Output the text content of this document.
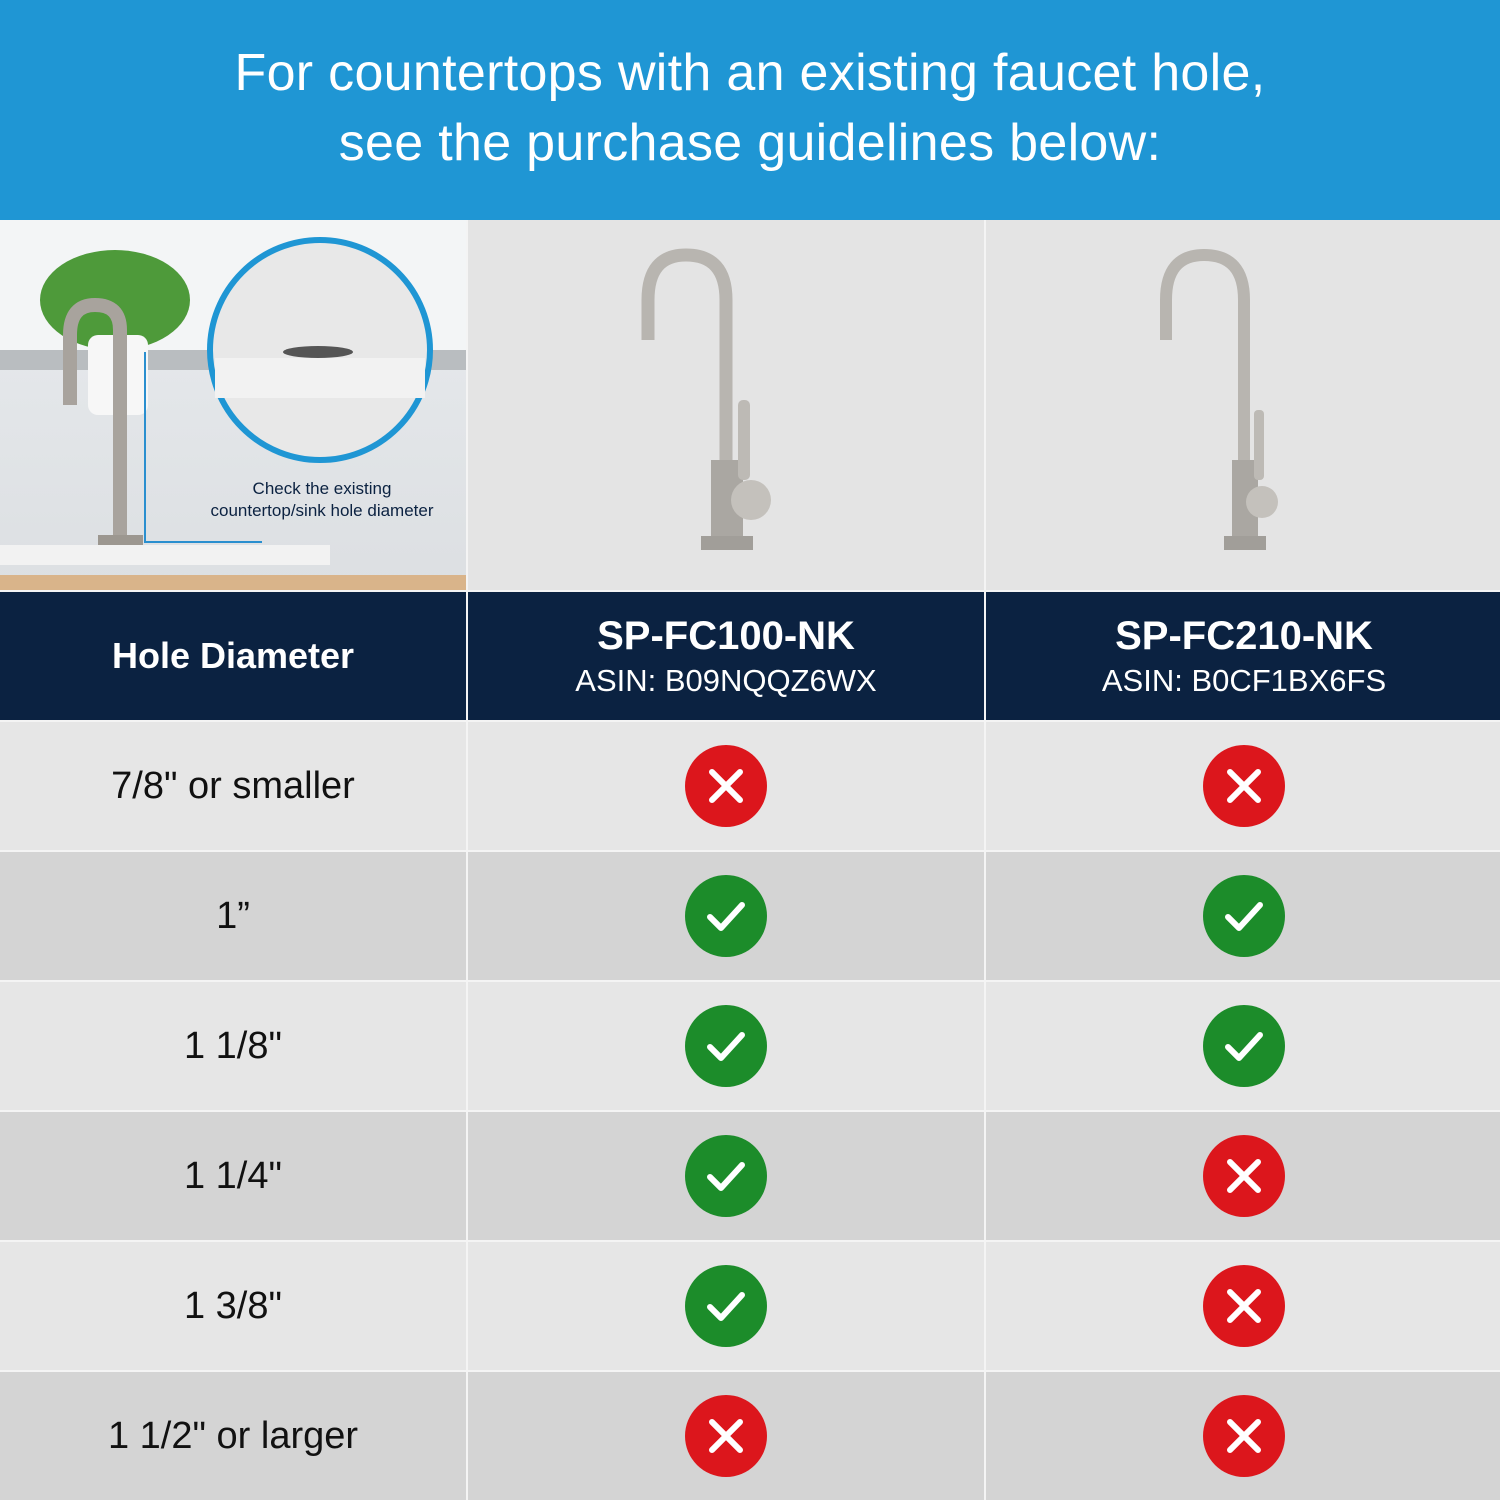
For countertops with an existing faucet hole,
see the purchase guidelines below:
Check the existing
countertop/sink hole diameter
Hole Diameter	SP-FC100-NK
ASIN: B09NQQZ6WX
SP-FC210-NK
ASIN: B0CF1BX6FS
7/8" or smaller
1”
1 1/8"
1 1/4"
1 3/8"
1 1/2" or larger
